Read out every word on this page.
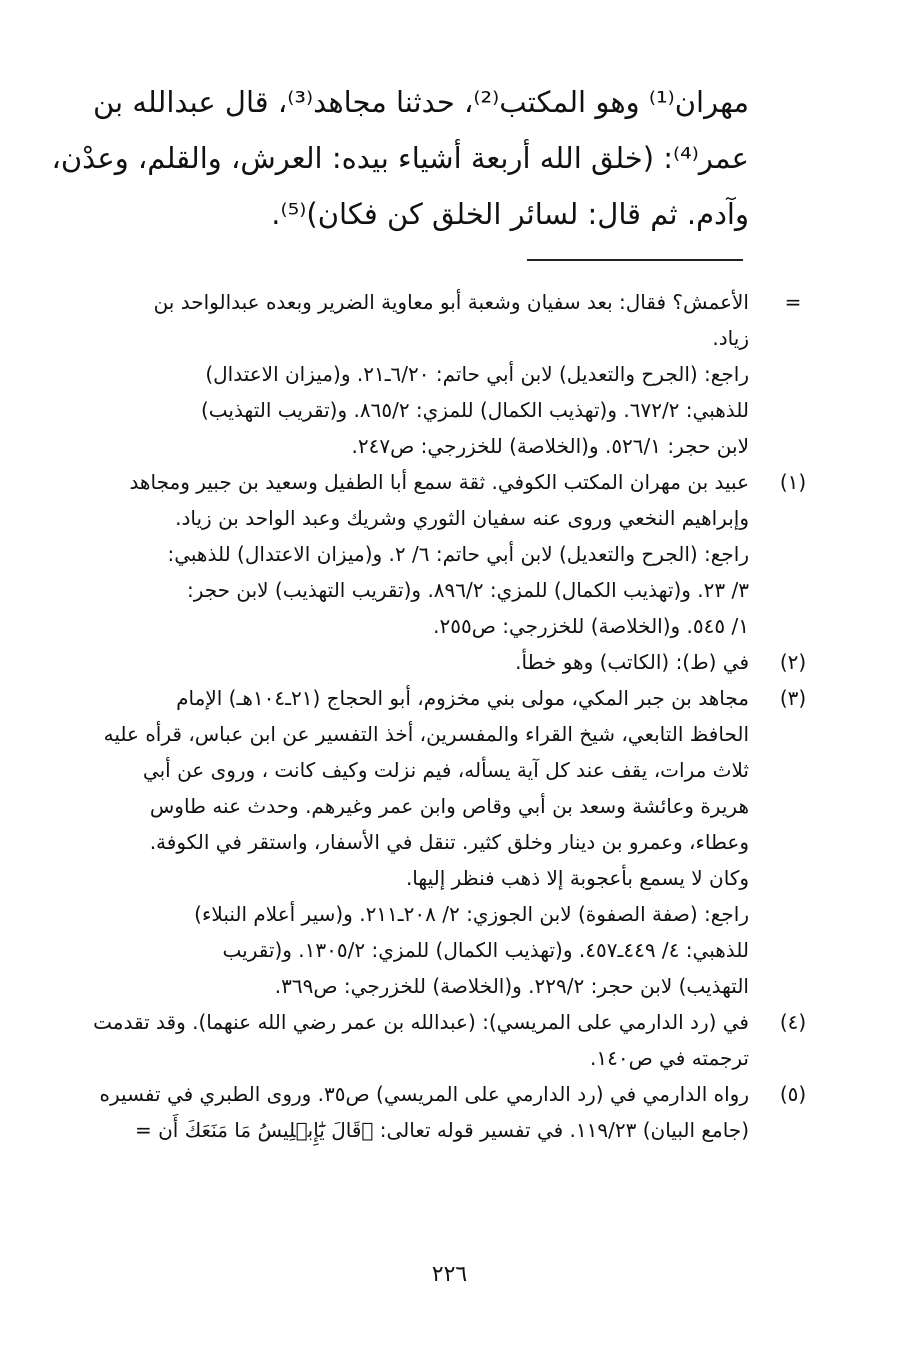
مهران⁽¹⁾ وهو المكتب⁽²⁾، حدثنا مجاهد⁽³⁾، قال عبدالله بن
عمر⁽⁴⁾: (خلق الله أربعة أشياء بيده: العرش، والقلم، وعدْن،
وآدم. ثم قال: لسائر الخلق كن فكان)⁽⁵⁾.
=
الأعمش؟ فقال: بعد سفيان وشعبة أبو معاوية الضرير وبعده عبدالواحد بن
زياد.
راجع: (الجرح والتعديل) لابن أبي حاتم: ٦/٢٠ـ٢١. و(ميزان الاعتدال)
للذهبي: ٦٧٢/٢. و(تهذيب الكمال) للمزي: ٨٦٥/٢. و(تقريب التهذيب)
لابن حجر: ٥٢٦/١. و(الخلاصة) للخزرجي: ص٢٤٧.
(١)
عبيد بن مهران المكتب الكوفي. ثقة سمع أبا الطفيل وسعيد بن جبير ومجاهد
وإبراهيم النخعي وروى عنه سفيان الثوري وشريك وعبد الواحد بن زياد.
راجع: (الجرح والتعديل) لابن أبي حاتم: ٦/ ٢. و(ميزان الاعتدال) للذهبي:
٣/ ٢٣. و(تهذيب الكمال) للمزي: ٨٩٦/٢. و(تقريب التهذيب) لابن حجر:
١/ ٥٤٥. و(الخلاصة) للخزرجي: ص٢٥٥.
(٢)
في (ط): (الكاتب) وهو خطأ.
(٣)
مجاهد بن جبر المكي، مولى بني مخزوم، أبو الحجاج (٢١ـ١٠٤هـ) الإمام
الحافظ التابعي، شيخ القراء والمفسرين، أخذ التفسير عن ابن عباس، قرأه عليه
ثلاث مرات، يقف عند كل آية يسأله، فيم نزلت وكيف كانت ، وروى عن أبي
هريرة وعائشة وسعد بن أبي وقاص وابن عمر وغيرهم. وحدث عنه طاوس
وعطاء، وعمرو بن دينار وخلق كثير. تنقل في الأسفار، واستقر في الكوفة.
وكان لا يسمع بأعجوبة إلا ذهب فنظر إليها.
راجع: (صفة الصفوة) لابن الجوزي: ٢/ ٢٠٨ـ٢١١. و(سير أعلام النبلاء)
للذهبي: ٤/ ٤٤٩ـ٤٥٧. و(تهذيب الكمال) للمزي: ١٣٠٥/٢. و(تقريب
التهذيب) لابن حجر: ٢٢٩/٢. و(الخلاصة) للخزرجي: ص٣٦٩.
(٤)
في (رد الدارمي على المريسي): (عبدالله بن عمر رضي الله عنهما). وقد تقدمت
ترجمته في ص١٤٠.
(٥)
رواه الدارمي في (رد الدارمي على المريسي) ص٣٥. وروى الطبري في تفسيره
(جامع البيان) ١١٩/٢٣. في تفسير قوله تعالى: ﴿قَالَ يَٰٓإِبۡلِيسُ مَا مَنَعَكَ أَن =
٢٢٦
